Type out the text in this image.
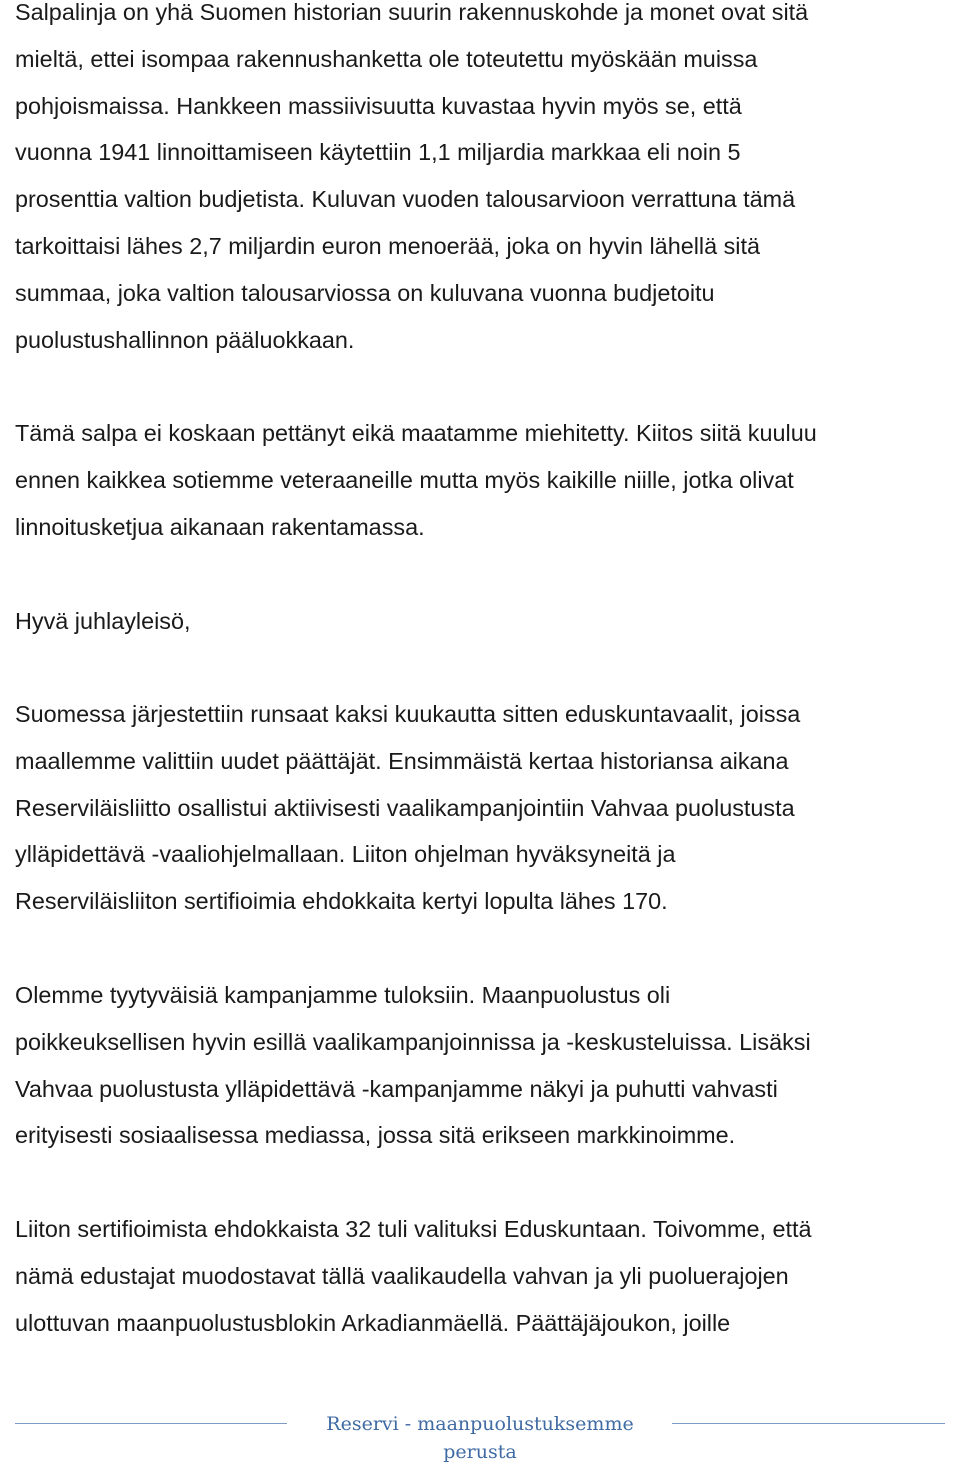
Salpalinja on yhä Suomen historian suurin rakennuskohde ja monet ovat sitä
mieltä, ettei isompaa rakennushanketta ole toteutettu myöskään muissa
pohjoismaissa. Hankkeen massiivisuutta kuvastaa hyvin myös se, että
vuonna 1941 linnoittamiseen käytettiin 1,1 miljardia markkaa eli noin 5
prosenttia valtion budjetista. Kuluvan vuoden talousarvioon verrattuna tämä
tarkoittaisi lähes 2,7 miljardin euron menoerää, joka on hyvin lähellä sitä
summaa, joka valtion talousarviossa on kuluvana vuonna budjetoitu
puolustushallinnon pääluokkaan.

Tämä salpa ei koskaan pettänyt eikä maatamme miehitetty. Kiitos siitä kuuluu
ennen kaikkea sotiemme veteraaneille mutta myös kaikille niille, jotka olivat
linnoitusketjua aikanaan rakentamassa.

Hyvä juhlayleisö,

Suomessa järjestettiin runsaat kaksi kuukautta sitten eduskuntavaalit, joissa
maallemme valittiin uudet päättäjät. Ensimmäistä kertaa historiansa aikana
Reserviläisliitto osallistui aktiivisesti vaalikampanjointiin Vahvaa puolustusta
ylläpidettävä -vaaliohjelmallaan. Liiton ohjelman hyväksyneitä ja
Reserviläisliiton sertifioimia ehdokkaita kertyi lopulta lähes 170.

Olemme tyytyväisiä kampanjamme tuloksiin. Maanpuolustus oli
poikkeuksellisen hyvin esillä vaalikampanjoinnissa ja -keskusteluissa. Lisäksi
Vahvaa puolustusta ylläpidettävä -kampanjamme näkyi ja puhutti vahvasti
erityisesti sosiaalisessa mediassa, jossa sitä erikseen markkinoimme.

Liiton sertifioimista ehdokkaista 32 tuli valituksi Eduskuntaan. Toivomme, että
nämä edustajat muodostavat tällä vaalikaudella vahvan ja yli puoluerajojen
ulottuvan maanpuolustusblokin Arkadianmäellä. Päättäjäjoukon, joille

Reservi - maanpuolustuksemme perusta
